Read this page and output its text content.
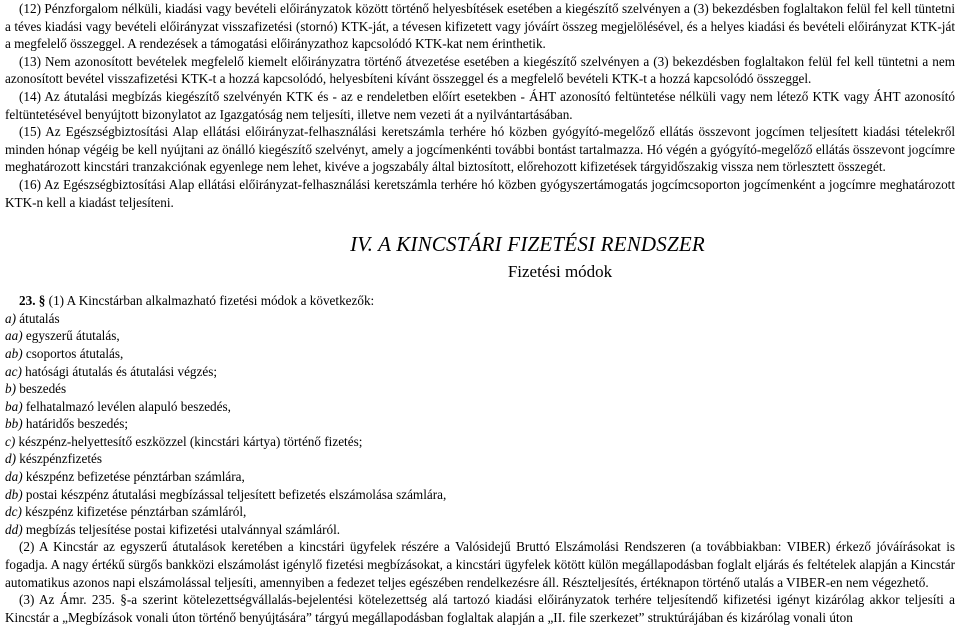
(12) Pénzforgalom nélküli, kiadási vagy bevételi előirányzatok között történő helyesbítések esetében a kiegészítő szelvényen a (3) bekezdésben foglaltakon felül fel kell tüntetni a téves kiadási vagy bevételi előirányzat visszafizetési (stornó) KTK-ját, a tévesen kifizetett vagy jóváírt összeg megjelölésével, és a helyes kiadási és bevételi előirányzat KTK-ját a megfelelő összeggel. A rendezések a támogatási előirányzathoz kapcsolódó KTK-kat nem érinthetik.

(13) Nem azonosított bevételek megfelelő kiemelt előirányzatra történő átvezetése esetében a kiegészítő szelvényen a (3) bekezdésben foglaltakon felül fel kell tüntetni a nem azonosított bevétel visszafizetési KTK-t a hozzá kapcsolódó, helyesbíteni kívánt összeggel és a megfelelő bevételi KTK-t a hozzá kapcsolódó összeggel.

(14) Az átutalási megbízás kiegészítő szelvényén KTK és - az e rendeletben előírt esetekben - ÁHT azonosító feltüntetése nélküli vagy nem létező KTK vagy ÁHT azonosító feltüntetésével benyújtott bizonylatot az Igazgatóság nem teljesíti, illetve nem vezeti át a nyilvántartásában.

(15) Az Egészségbiztosítási Alap ellátási előirányzat-felhasználási keretszámla terhére hó közben gyógyító-megelőző ellátás összevont jogcímen teljesített kiadási tételekről minden hónap végéig be kell nyújtani az önálló kiegészítő szelvényt, amely a jogcímenkénti további bontást tartalmazza. Hó végén a gyógyító-megelőző ellátás összevont jogcímre meghatározott kincstári tranzakciónak egyenlege nem lehet, kivéve a jogszabály által biztosított, előrehozott kifizetések tárgyidőszakig vissza nem törlesztett összegét.

(16) Az Egészségbiztosítási Alap ellátási előirányzat-felhasználási keretszámla terhére hó közben gyógyszertámogatás jogcímcsoporton jogcímenként a jogcímre meghatározott KTK-n kell a kiadást teljesíteni.

IV. A KINCSTÁRI FIZETÉSI RENDSZER
Fizetési módok

23. § (1) A Kincstárban alkalmazható fizetési módok a következők:

a) átutalás

aa) egyszerű átutalás,

ab) csoportos átutalás,

ac) hatósági átutalás és átutalási végzés;

b) beszedés

ba) felhatalmazó levélen alapuló beszedés,

bb) határidős beszedés;

c) készpénz-helyettesítő eszközzel (kincstári kártya) történő fizetés;

d) készpénzfizetés

da) készpénz befizetése pénztárban számlára,

db) postai készpénz átutalási megbízással teljesített befizetés elszámolása számlára,

dc) készpénz kifizetése pénztárban számláról,

dd) megbízás teljesítése postai kifizetési utalvánnyal számláról.

(2) A Kincstár az egyszerű átutalások keretében a kincstári ügyfelek részére a Valósidejű Bruttó Elszámolási Rendszeren (a továbbiakban: VIBER) érkező jóváírásokat is fogadja. A nagy értékű sürgős bankközi elszámolást igénylő fizetési megbízásokat, a kincstári ügyfelek kötött külön megállapodásban foglalt eljárás és feltételek alapján a Kincstár automatikus azonos napi elszámolással teljesíti, amennyiben a fedezet teljes egészében rendelkezésre áll. Részteljesítés, értéknapon történő utalás a VIBER-en nem végezhető.

(3) Az Ámr. 235. §-a szerint kötelezettségvállalás-bejelentési kötelezettség alá tartozó kiadási előirányzatok terhére teljesítendő kifizetési igényt kizárólag akkor teljesíti a Kincstár a „Megbízások vonali úton történő benyújtására” tárgyú megállapodásban foglaltak alapján a „II. file szerkezet” struktúrájában és kizárólag vonali úton
